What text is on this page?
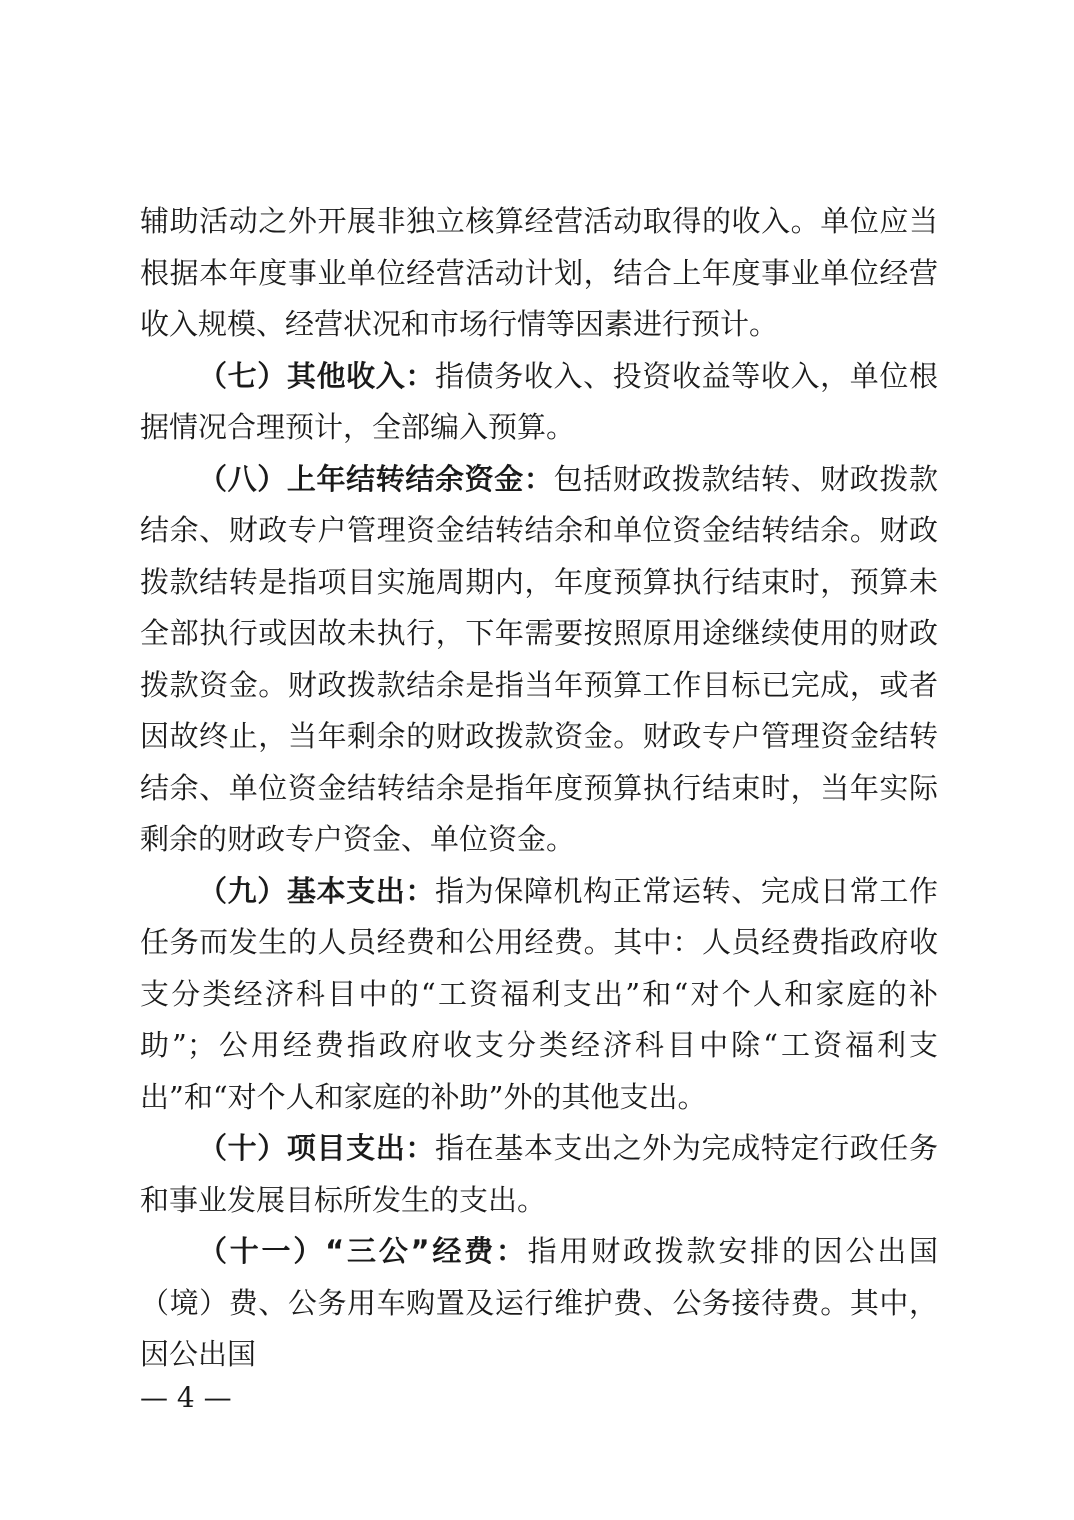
辅助活动之外开展非独立核算经营活动取得的收入。单位应当根据本年度事业单位经营活动计划，结合上年度事业单位经营收入规模、经营状况和市场行情等因素进行预计。

（七）其他收入：指债务收入、投资收益等收入，单位根据情况合理预计，全部编入预算。

（八）上年结转结余资金：包括财政拨款结转、财政拨款结余、财政专户管理资金结转结余和单位资金结转结余。财政拨款结转是指项目实施周期内，年度预算执行结束时，预算未全部执行或因故未执行，下年需要按照原用途继续使用的财政拨款资金。财政拨款结余是指当年预算工作目标已完成，或者因故终止，当年剩余的财政拨款资金。财政专户管理资金结转结余、单位资金结转结余是指年度预算执行结束时，当年实际剩余的财政专户资金、单位资金。

（九）基本支出：指为保障机构正常运转、完成日常工作任务而发生的人员经费和公用经费。其中：人员经费指政府收支分类经济科目中的“工资福利支出”和“对个人和家庭的补助”；公用经费指政府收支分类经济科目中除“工资福利支出”和“对个人和家庭的补助”外的其他支出。

（十）项目支出：指在基本支出之外为完成特定行政任务和事业发展目标所发生的支出。

（十一）“三公”经费：指用财政拨款安排的因公出国（境）费、公务用车购置及运行维护费、公务接待费。其中，因公出国

— 4 —
